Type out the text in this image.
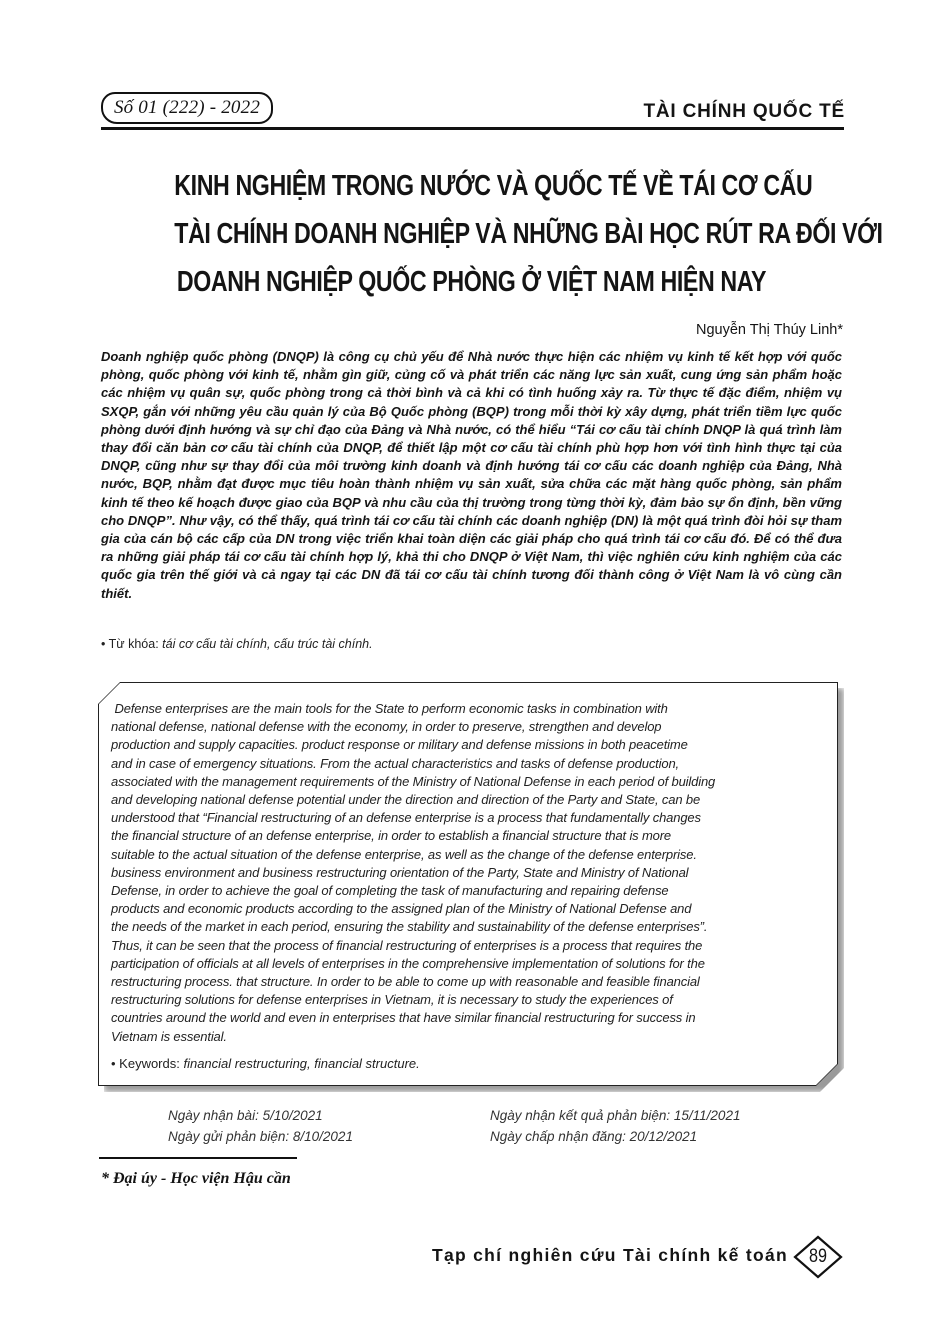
Số 01 (222) - 2022	TÀI CHÍNH QUỐC TẾ
KINH NGHIỆM TRONG NƯỚC VÀ QUỐC TẾ VỀ TÁI CƠ CẤU
TÀI CHÍNH DOANH NGHIỆP VÀ NHỮNG BÀI HỌC RÚT RA ĐỐI VỚI
DOANH NGHIỆP QUỐC PHÒNG Ở VIỆT NAM HIỆN NAY
Nguyễn Thị Thúy Linh*

Doanh nghiệp quốc phòng (DNQP) là công cụ chủ yếu để Nhà nước thực hiện các nhiệm vụ kinh tế kết hợp với quốc phòng, quốc phòng với kinh tế, nhằm gìn giữ, củng cố và phát triển các năng lực sản xuất, cung ứng sản phẩm hoặc các nhiệm vụ quân sự, quốc phòng trong cả thời bình và cả khi có tình huống xảy ra. Từ thực tế đặc điểm, nhiệm vụ SXQP, gắn với những yêu cầu quản lý của Bộ Quốc phòng (BQP) trong mỗi thời kỳ xây dựng, phát triển tiềm lực quốc phòng dưới định hướng và sự chỉ đạo của Đảng và Nhà nước, có thể hiểu “Tái cơ cấu tài chính DNQP là quá trình làm thay đổi căn bản cơ cấu tài chính của DNQP, để thiết lập một cơ cấu tài chính phù hợp hơn với tình hình thực tại của DNQP, cũng như sự thay đổi của môi trường kinh doanh và định hướng tái cơ cấu các doanh nghiệp của Đảng, Nhà nước, BQP, nhằm đạt được mục tiêu hoàn thành nhiệm vụ sản xuất, sửa chữa các mặt hàng quốc phòng, sản phẩm kinh tế theo kế hoạch được giao của BQP và nhu cầu của thị trường trong từng thời kỳ, đảm bảo sự ổn định, bền vững cho DNQP”. Như vậy, có thể thấy, quá trình tái cơ cấu tài chính các doanh nghiệp (DN) là một quá trình đòi hỏi sự tham gia của cán bộ các cấp của DN trong việc triển khai toàn diện các giải pháp cho quá trình tái cơ cấu đó. Để có thể đưa ra những giải pháp tái cơ cấu tài chính hợp lý, khả thi cho DNQP ở Việt Nam, thì việc nghiên cứu kinh nghiệm của các quốc gia trên thế giới và cả ngay tại các DN đã tái cơ cấu tài chính tương đối thành công ở Việt Nam là vô cùng cần thiết.

• Từ khóa: tái cơ cấu tài chính, cấu trúc tài chính.
Defense enterprises are the main tools for the State to perform economic tasks in combination with
national defense, national defense with the economy, in order to preserve, strengthen and develop
production and supply capacities. product response or military and defense missions in both peacetime
and in case of emergency situations. From the actual characteristics and tasks of defense production,
associated with the management requirements of the Ministry of National Defense in each period of building
and developing national defense potential under the direction and direction of the Party and State, can be
understood that “Financial restructuring of an defense enterprise is a process that fundamentally changes
the financial structure of an defense enterprise, in order to establish a financial structure that is more
suitable to the actual situation of the defense enterprise, as well as the change of the defense enterprise.
business environment and business restructuring orientation of the Party, State and Ministry of National
Defense, in order to achieve the goal of completing the task of manufacturing and repairing defense
products and economic products according to the assigned plan of the Ministry of National Defense and
the needs of the market in each period, ensuring the stability and sustainability of the defense enterprises”.
Thus, it can be seen that the process of financial restructuring of enterprises is a process that requires the
participation of officials at all levels of enterprises in the comprehensive implementation of solutions for the
restructuring process. that structure. In order to be able to come up with reasonable and feasible financial
restructuring solutions for defense enterprises in Vietnam, it is necessary to study the experiences of
countries around the world and even in enterprises that have similar financial restructuring for success in
Vietnam is essential.
• Keywords: financial restructuring, financial structure.
Ngày nhận bài: 5/10/2021
Ngày gửi phản biện: 8/10/2021
Ngày nhận kết quả phản biện: 15/11/2021
Ngày chấp nhận đăng: 20/12/2021
* Đại úy - Học viện Hậu cần
Tạp chí nghiên cứu Tài chính kế toán	89
